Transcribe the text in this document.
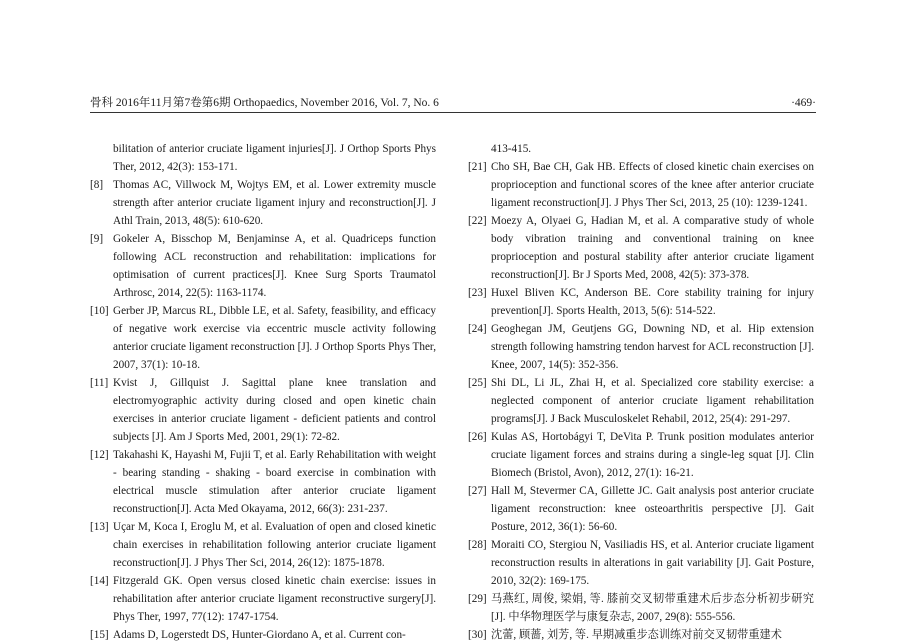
骨科 2016年11月第7卷第6期 Orthopaedics, November 2016, Vol. 7, No. 6	·469·
bilitation of anterior cruciate ligament injuries[J]. J Orthop Sports Phys Ther, 2012, 42(3): 153-171.
[8] Thomas AC, Villwock M, Wojtys EM, et al. Lower extremity muscle strength after anterior cruciate ligament injury and reconstruction[J]. J Athl Train, 2013, 48(5): 610-620.
[9] Gokeler A, Bisschop M, Benjaminse A, et al. Quadriceps function following ACL reconstruction and rehabilitation: implications for optimisation of current practices[J]. Knee Surg Sports Traumatol Arthrosc, 2014, 22(5): 1163-1174.
[10] Gerber JP, Marcus RL, Dibble LE, et al. Safety, feasibility, and efficacy of negative work exercise via eccentric muscle activity following anterior cruciate ligament reconstruction [J]. J Orthop Sports Phys Ther, 2007, 37(1): 10-18.
[11] Kvist J, Gillquist J. Sagittal plane knee translation and electromyographic activity during closed and open kinetic chain exercises in anterior cruciate ligament - deficient patients and control subjects [J]. Am J Sports Med, 2001, 29(1): 72-82.
[12] Takahashi K, Hayashi M, Fujii T, et al. Early Rehabilitation with weight - bearing standing - shaking - board exercise in combination with electrical muscle stimulation after anterior cruciate ligament reconstruction[J]. Acta Med Okayama, 2012, 66(3): 231-237.
[13] Uçar M, Koca I, Eroglu M, et al. Evaluation of open and closed kinetic chain exercises in rehabilitation following anterior cruciate ligament reconstruction[J]. J Phys Ther Sci, 2014, 26(12): 1875-1878.
[14] Fitzgerald GK. Open versus closed kinetic chain exercise: issues in rehabilitation after anterior cruciate ligament reconstructive surgery[J]. Phys Ther, 1997, 77(12): 1747-1754.
[15] Adams D, Logerstedt DS, Hunter-Giordano A, et al. Current con-
413-415.
[21] Cho SH, Bae CH, Gak HB. Effects of closed kinetic chain exercises on proprioception and functional scores of the knee after anterior cruciate ligament reconstruction[J]. J Phys Ther Sci, 2013, 25 (10): 1239-1241.
[22] Moezy A, Olyaei G, Hadian M, et al. A comparative study of whole body vibration training and conventional training on knee proprioception and postural stability after anterior cruciate ligament reconstruction[J]. Br J Sports Med, 2008, 42(5): 373-378.
[23] Huxel Bliven KC, Anderson BE. Core stability training for injury prevention[J]. Sports Health, 2013, 5(6): 514-522.
[24] Geoghegan JM, Geutjens GG, Downing ND, et al. Hip extension strength following hamstring tendon harvest for ACL reconstruction [J]. Knee, 2007, 14(5): 352-356.
[25] Shi DL, Li JL, Zhai H, et al. Specialized core stability exercise: a neglected component of anterior cruciate ligament rehabilitation programs[J]. J Back Musculoskelet Rehabil, 2012, 25(4): 291-297.
[26] Kulas AS, Hortobágyi T, DeVita P. Trunk position modulates anterior cruciate ligament forces and strains during a single-leg squat [J]. Clin Biomech (Bristol, Avon), 2012, 27(1): 16-21.
[27] Hall M, Stevermer CA, Gillette JC. Gait analysis post anterior cruciate ligament reconstruction: knee osteoarthritis perspective [J]. Gait Posture, 2012, 36(1): 56-60.
[28] Moraiti CO, Stergiou N, Vasiliadis HS, et al. Anterior cruciate ligament reconstruction results in alterations in gait variability [J]. Gait Posture, 2010, 32(2): 169-175.
[29] 马燕红, 周俊, 梁娟, 等. 膝前交叉韧带重建术后步态分析初步研究[J]. 中华物理医学与康复杂志, 2007, 29(8): 555-556.
[30] 沈蕾, 顾蔷, 刘芳, 等. 早期减重步态训练对前交叉韧带重建术
